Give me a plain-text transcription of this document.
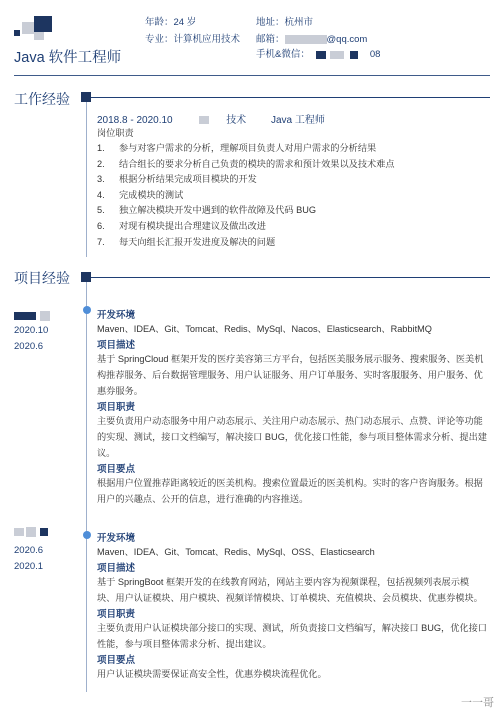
Java 软件工程师
年龄：24 岁
专业：计算机应用技术
地址：杭州市
邮箱：	@qq.com
手机&微信：	08
工作经验
2018.8 - 2020.10	技术 Java 工程师
岗位职责
1.	参与对客户需求的分析，理解项目负责人对用户需求的分析结果
2.	结合组长的要求分析自己负责的模块的需求和预计效果以及技术难点
3.	根据分析结果完成项目模块的开发
4.	完成模块的测试
5.	独立解决模块开发中遇到的软件故障及代码 BUG
6.	对现有模块提出合理建议及做出改进
7.	每天向组长汇报开发进度及解决的问题
项目经验
2020.10
2020.6
开发环境
Maven、IDEA、Git、Tomcat、Redis、MySql、Nacos、Elasticsearch、RabbitMQ
项目描述
基于 SpringCloud 框架开发的医疗美容第三方平台，包括医美服务展示服务、搜索服务、医美机构推荐服务、后台数据管理服务、用户认证服务、用户订单服务、实时客服服务、用户服务、优惠券服务。
项目职责
主要负责用户动态服务中用户动态展示、关注用户动态展示、热门动态展示、点赞、评论等功能的实现、测试，接口文档编写，解决接口 BUG，优化接口性能，参与项目整体需求分析、提出建议。
项目要点
根据用户位置推荐距离较近的医美机构。搜索位置最近的医美机构。实时的客户咨询服务。根据用户的兴趣点、公开的信息，进行准确的内容推送。
2020.6
2020.1
开发环境
Maven、IDEA、Git、Tomcat、Redis、MySql、OSS、Elasticsearch
项目描述
基于 SpringBoot 框架开发的在线教育网站，网站主要内容为视频课程，包括视频列表展示模块、用户认证模块、用户模块、视频详情模块、订单模块、充值模块、会员模块、优惠券模块。
项目职责
主要负责用户认证模块部分接口的实现、测试，所负责接口文档编写，解决接口 BUG，优化接口性能，参与项目整体需求分析、提出建议。
项目要点
用户认证模块需要保证高安全性，优惠券模块流程优化。
一一哥
